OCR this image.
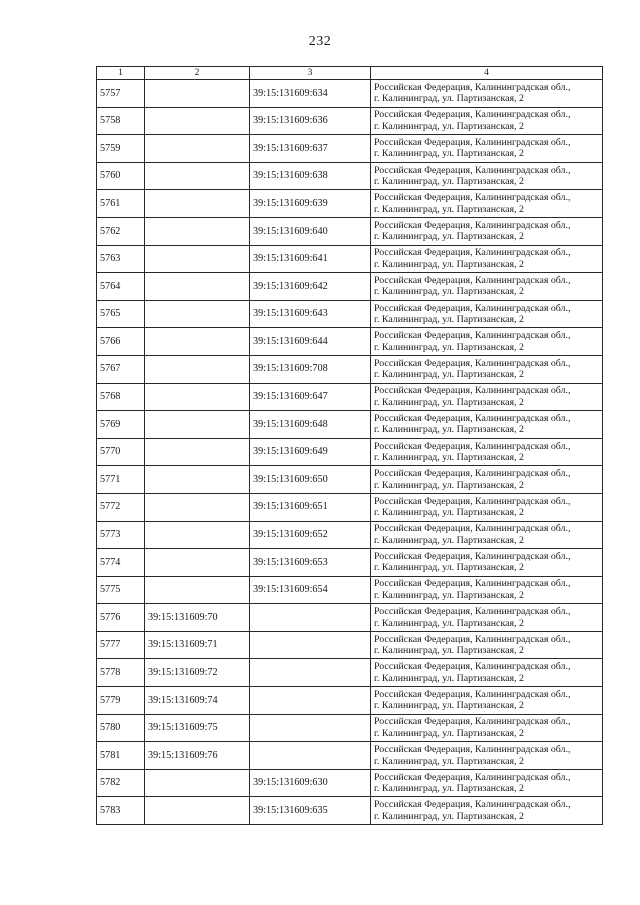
232
1	2	3	4
5757		39:15:131609:634	Российская Федерация, Калининградская обл.,
г. Калининград, ул. Партизанская, 2

5758		39:15:131609:636	Российская Федерация, Калининградская обл.,
г. Калининград, ул. Партизанская, 2

5759		39:15:131609:637	Российская Федерация, Калининградская обл.,
г. Калининград, ул. Партизанская, 2

5760		39:15:131609:638	Российская Федерация, Калининградская обл.,
г. Калининград, ул. Партизанская, 2

5761		39:15:131609:639	Российская Федерация, Калининградская обл.,
г. Калининград, ул. Партизанская, 2

5762		39:15:131609:640	Российская Федерация, Калининградская обл.,
г. Калининград, ул. Партизанская, 2

5763		39:15:131609:641	Российская Федерация, Калининградская обл.,
г. Калининград, ул. Партизанская, 2

5764		39:15:131609:642	Российская Федерация, Калининградская обл.,
г. Калининград, ул. Партизанская, 2

5765		39:15:131609:643	Российская Федерация, Калининградская обл.,
г. Калининград, ул. Партизанская, 2

5766		39:15:131609:644	Российская Федерация, Калининградская обл.,
г. Калининград, ул. Партизанская, 2

5767		39:15:131609:708	Российская Федерация, Калининградская обл.,
г. Калининград, ул. Партизанская, 2

5768		39:15:131609:647	Российская Федерация, Калининградская обл.,
г. Калининград, ул. Партизанская, 2

5769		39:15:131609:648	Российская Федерация, Калининградская обл.,
г. Калининград, ул. Партизанская, 2

5770		39:15:131609:649	Российская Федерация, Калининградская обл.,
г. Калининград, ул. Партизанская, 2

5771		39:15:131609:650	Российская Федерация, Калининградская обл.,
г. Калининград, ул. Партизанская, 2

5772		39:15:131609:651	Российская Федерация, Калининградская обл.,
г. Калининград, ул. Партизанская, 2

5773		39:15:131609:652	Российская Федерация, Калининградская обл.,
г. Калининград, ул. Партизанская, 2

5774		39:15:131609:653	Российская Федерация, Калининградская обл.,
г. Калининград, ул. Партизанская, 2

5775		39:15:131609:654	Российская Федерация, Калининградская обл.,
г. Калининград, ул. Партизанская, 2

5776	39:15:131609:70		Российская Федерация, Калининградская обл.,
г. Калининград, ул. Партизанская, 2

5777	39:15:131609:71		Российская Федерация, Калининградская обл.,
г. Калининград, ул. Партизанская, 2

5778	39:15:131609:72		Российская Федерация, Калининградская обл.,
г. Калининград, ул. Партизанская, 2

5779	39:15:131609:74		Российская Федерация, Калининградская обл.,
г. Калининград, ул. Партизанская, 2

5780	39:15:131609:75		Российская Федерация, Калининградская обл.,
г. Калининград, ул. Партизанская, 2

5781	39:15:131609:76		Российская Федерация, Калининградская обл.,
г. Калининград, ул. Партизанская, 2

5782		39:15:131609:630	Российская Федерация, Калининградская обл.,
г. Калининград, ул. Партизанская, 2

5783		39:15:131609:635	Российская Федерация, Калининградская обл.,
г. Калининград, ул. Партизанская, 2
